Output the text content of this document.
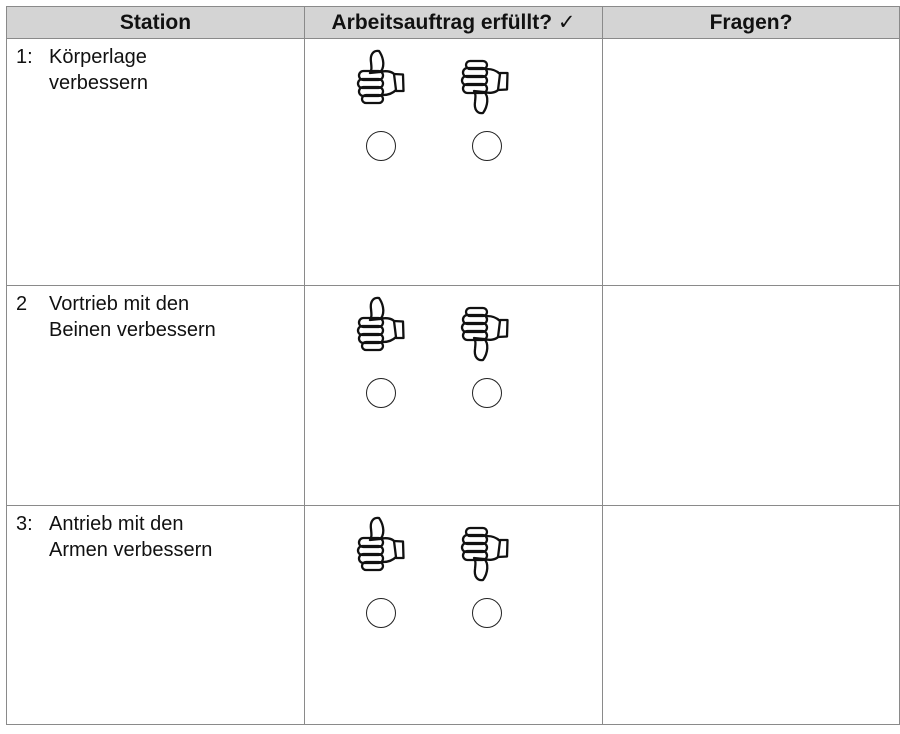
Station	Arbeitsauftrag erfüllt? ✓	Fragen?

1: Körperlage
verbessern

2 Vortrieb mit den
Beinen verbessern

3: Antrieb mit den
Armen verbessern
